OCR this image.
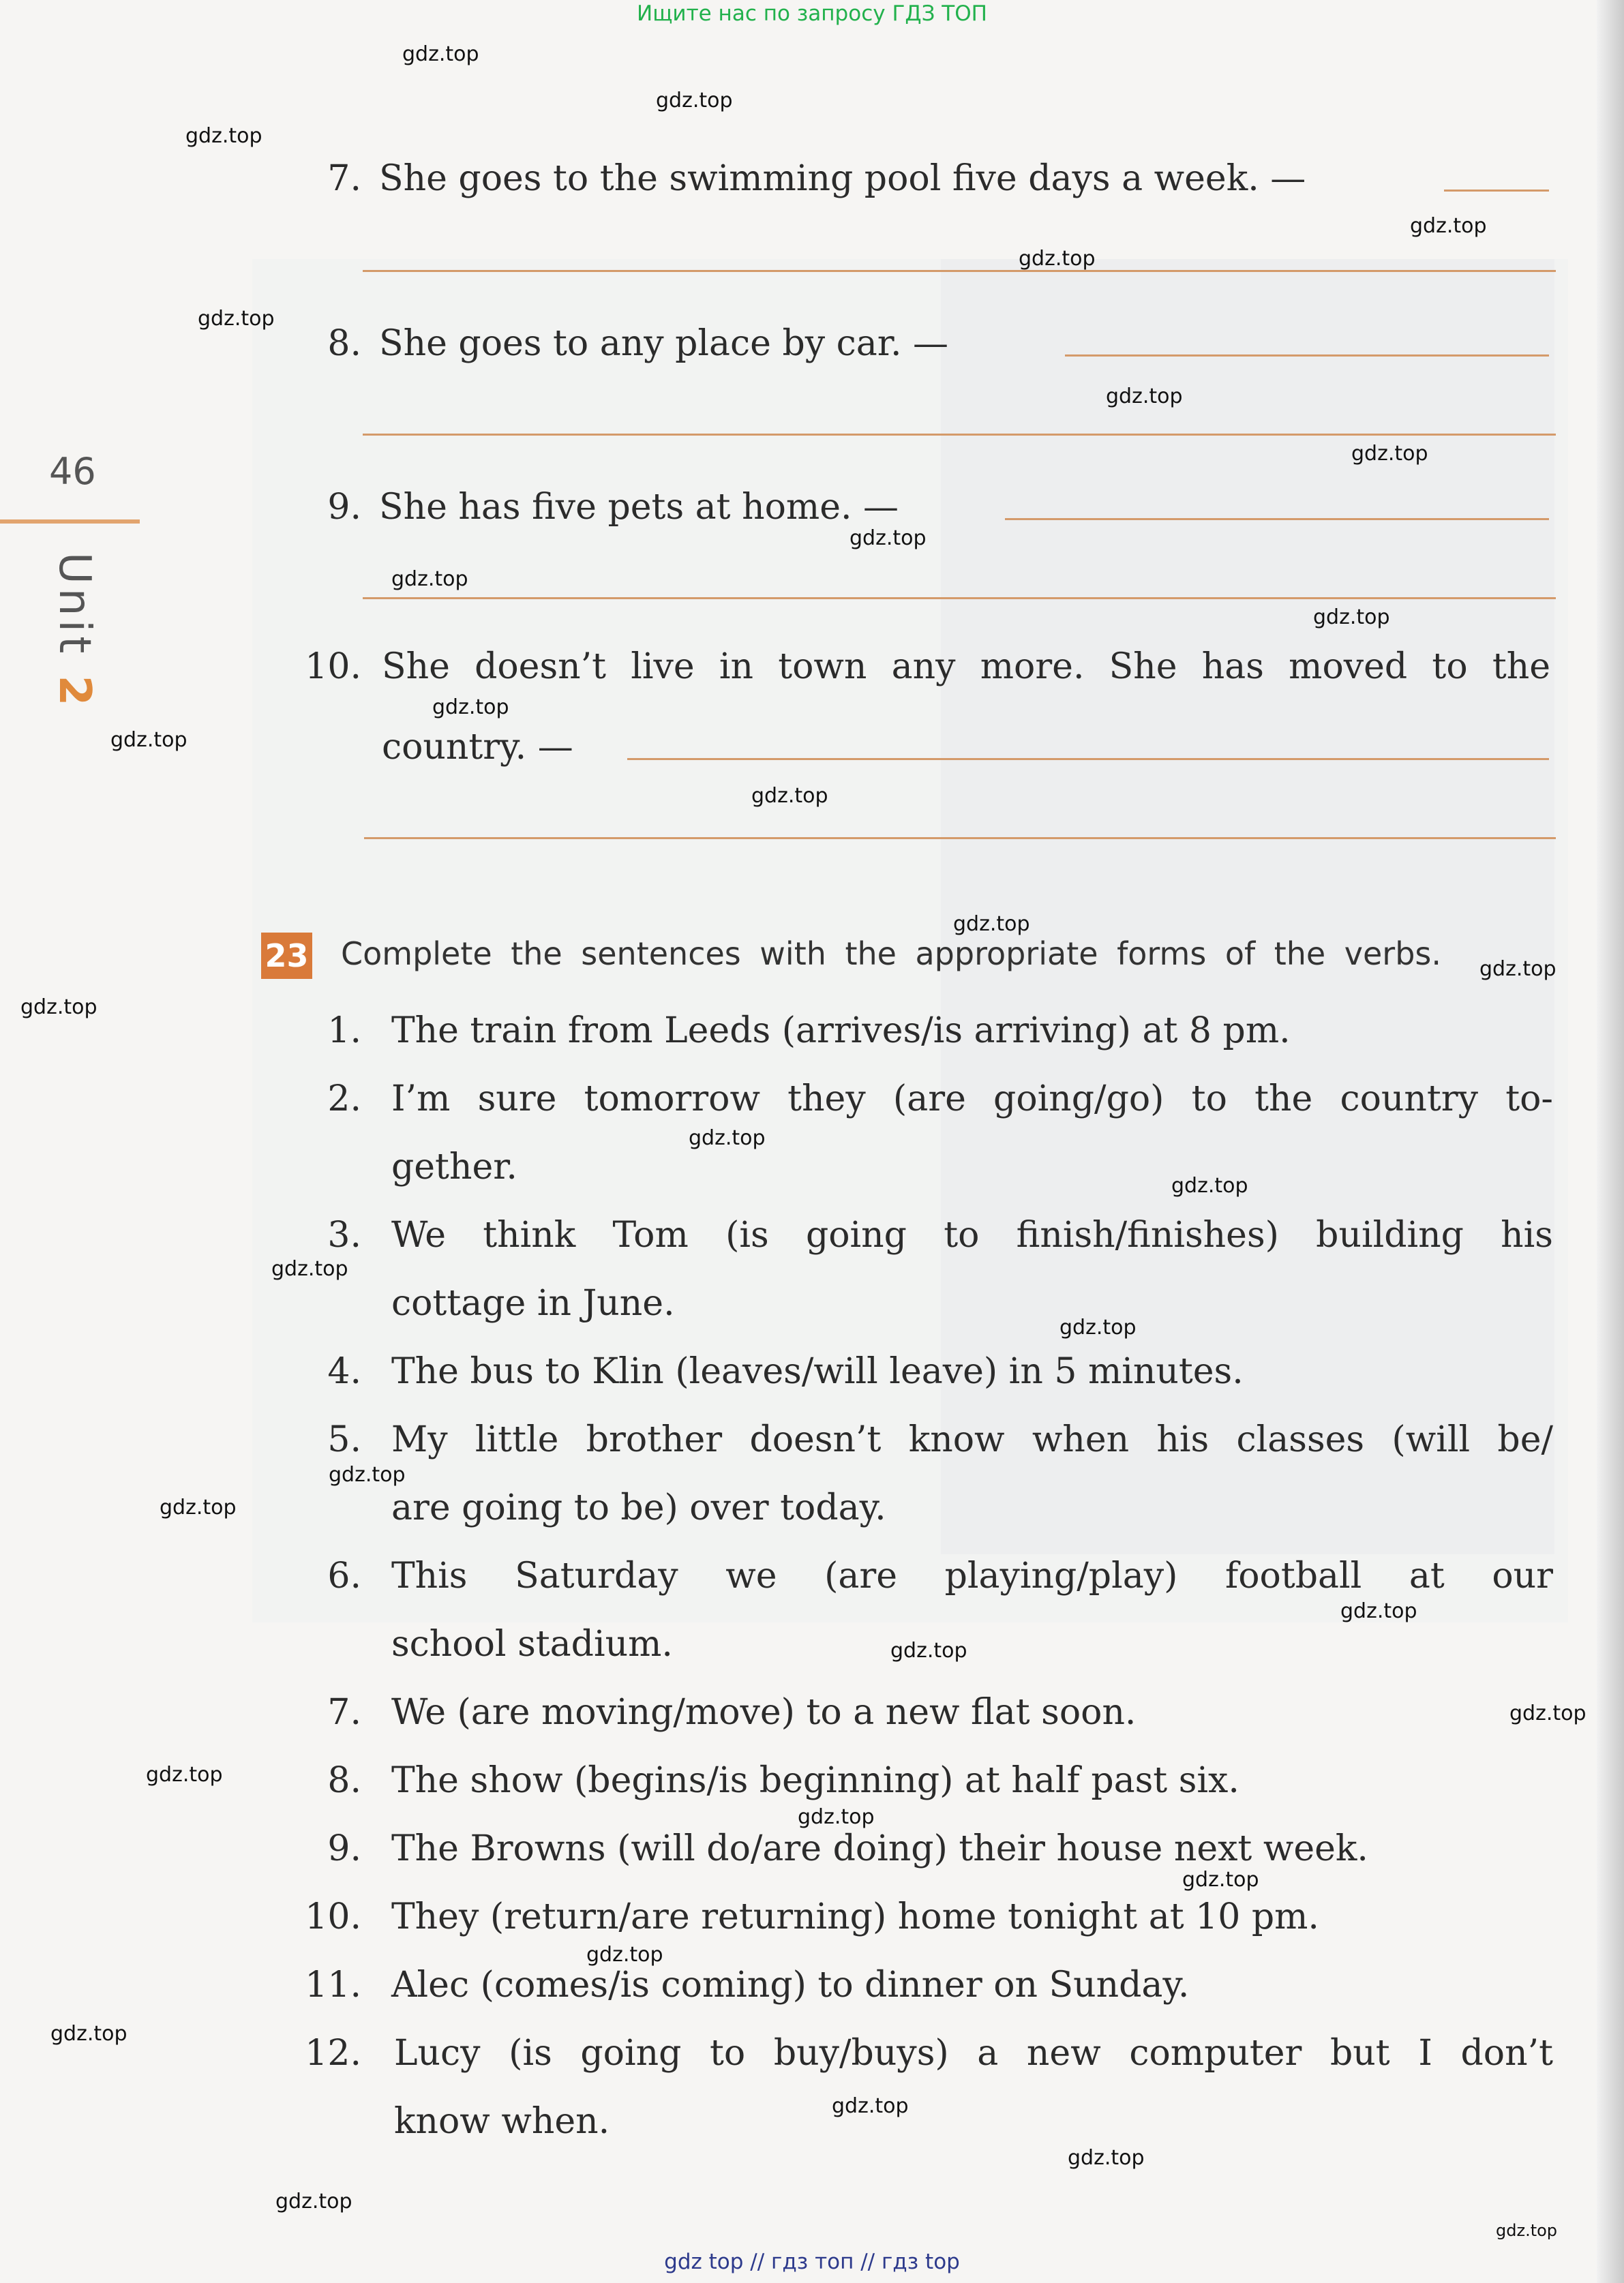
Ищите нас по запросу ГДЗ ТОП
46
Unit 2
7. She goes to the swimming pool five days a week. —
8. She goes to any place by car. —
9. She has five pets at home. —
10. She doesn’t live in town any more. She has moved to the
country. —
23 Complete the sentences with the appropriate forms of the verbs.
1. The train from Leeds (arrives/is arriving) at 8 pm.
2. I’m sure tomorrow they (are going/go) to the country to-
gether.
3. We think Tom (is going to finish/finishes) building his
cottage in June.
4. The bus to Klin (leaves/will leave) in 5 minutes.
5. My little brother doesn’t know when his classes (will be/
are going to be) over today.
6. This Saturday we (are playing/play) football at our
school stadium.
7. We (are moving/move) to a new flat soon.
8. The show (begins/is beginning) at half past six.
9. The Browns (will do/are doing) their house next week.
10. They (return/are returning) home tonight at 10 pm.
11. Alec (comes/is coming) to dinner on Sunday.
12. Lucy (is going to buy/buys) a new computer but I don’t
know when.
gdz.top
gdz.top
gdz.top
gdz.top
gdz.top
gdz.top
gdz.top
gdz.top
gdz.top
gdz.top
gdz.top
gdz.top
gdz.top
gdz.top
gdz.top
gdz.top
gdz.top
gdz.top
gdz.top
gdz.top
gdz.top
gdz.top
gdz.top
gdz.top
gdz.top
gdz.top
gdz.top
gdz.top
gdz.top
gdz.top
gdz.top
gdz.top
gdz.top
gdz.top
gdz.top
gdz top // гдз топ // гдз top
